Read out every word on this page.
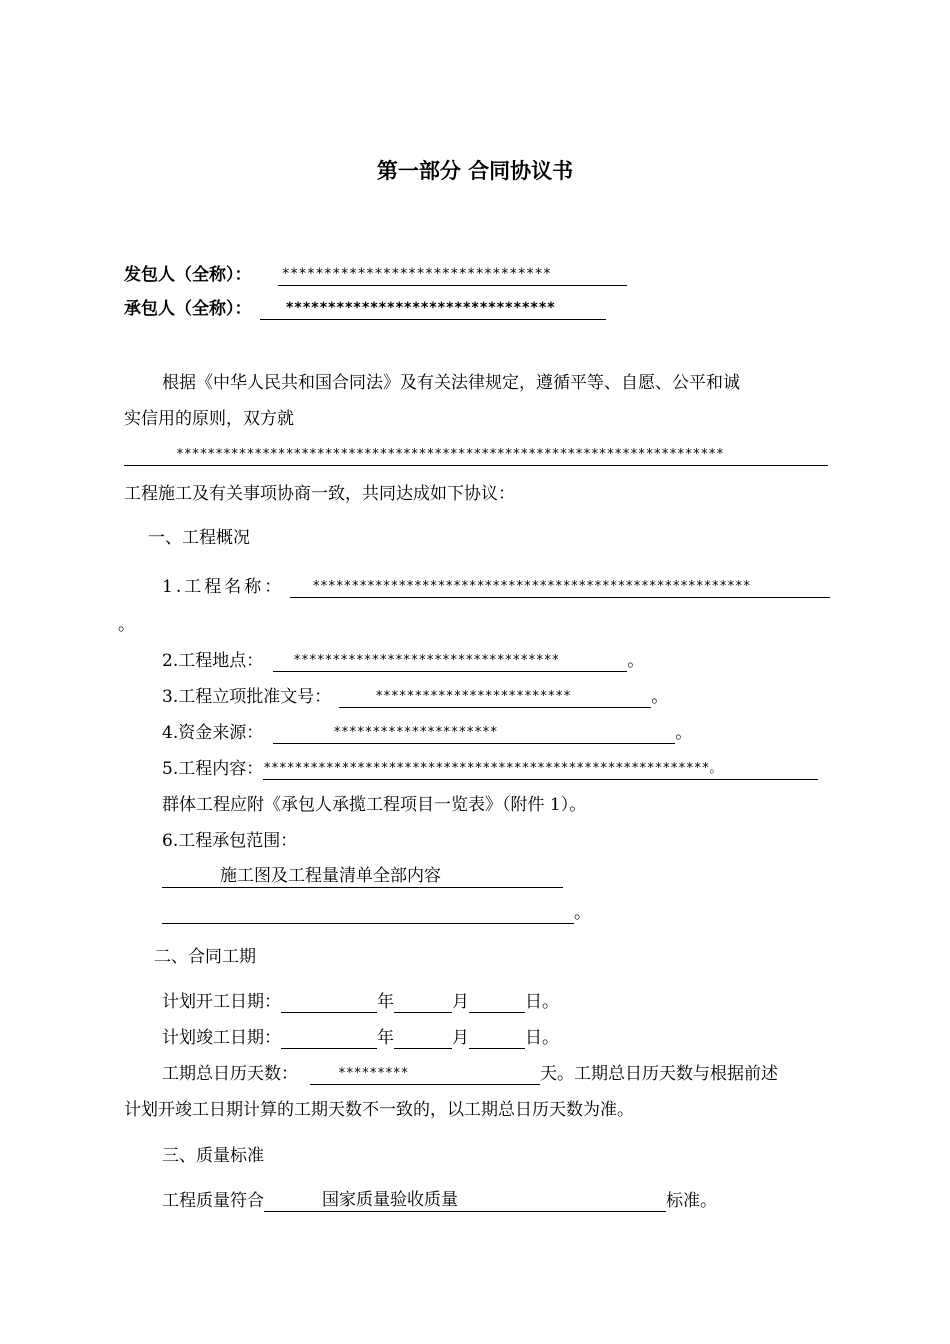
第一部分 合同协议书
发包人（全称）： ********************************
承包人（全称）： ********************************
根据《中华人民共和国合同法》及有关法律规定，遵循平等、自愿、公平和诚
实信用的原则，双方就
**********************************************************************
工程施工及有关事项协商一致，共同达成如下协议：
一、工程概况
1.工程名称： ********************************************************
。
2.工程地点： **********************************	。
3.工程立项批准文号：	*************************	。
4.资金来源：	*********************	。
5.工程内容：*********************************************************。
群体工程应附《承包人承揽工程项目一览表》（附件 1）。
6.工程承包范围：
施工图及工程量清单全部内容
。
二、合同工期
计划开工日期：	年	月	日。
计划竣工日期：	年	月	日。
工期总日历天数：	*********	天。工期总日历天数与根据前述
计划开竣工日期计算的工期天数不一致的，以工期总日历天数为准。
三、质量标准
工程质量符合	国家质量验收质量	标准。
